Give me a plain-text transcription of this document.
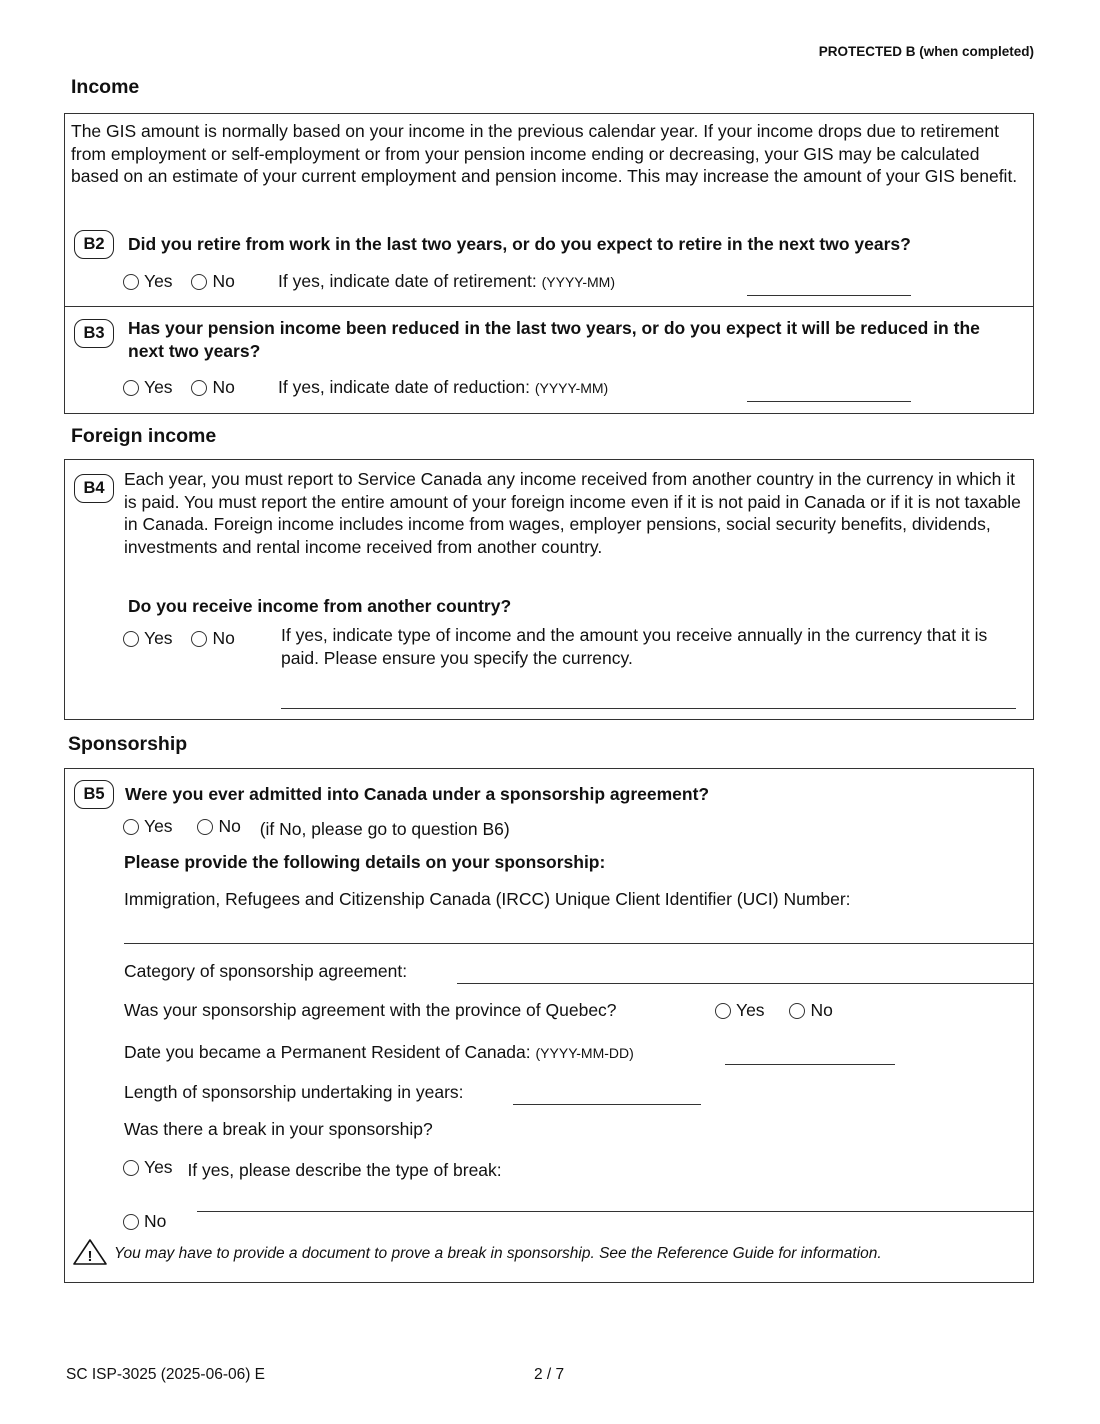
PROTECTED B (when completed)
Income
The GIS amount is normally based on your income in the previous calendar year. If your income drops due to retirement from employment or self-employment or from your pension income ending or decreasing, your GIS may be calculated based on an estimate of your current employment and pension income. This may increase the amount of your GIS benefit.
B2	Did you retire from work in the last two years, or do you expect to retire in the next two years?
Yes
No If yes, indicate date of retirement: (YYYY-MM)
B3	Has your pension income been reduced in the last two years, or do you expect it will be reduced in the next two years?
Yes
No If yes, indicate date of reduction: (YYYY-MM)
Foreign income
B4	Each year, you must report to Service Canada any income received from another country in the currency in which it is paid. You must report the entire amount of your foreign income even if it is not paid in Canada or if it is not taxable in Canada. Foreign income includes income from wages, employer pensions, social security benefits, dividends, investments and rental income received from another country.
Do you receive income from another country?
Yes
No	If yes, indicate type of income and the amount you receive annually in the currency that it is paid. Please ensure you specify the currency.
Sponsorship
B5	Were you ever admitted into Canada under a sponsorship agreement?
Yes
	No (if No, please go to question B6)
Please provide the following details on your sponsorship:
Immigration, Refugees and Citizenship Canada (IRCC) Unique Client Identifier (UCI) Number:
Category of sponsorship agreement:
Was your sponsorship agreement with the province of Quebec?	Yes
	No
Date you became a Permanent Resident of Canada: (YYYY-MM-DD)
Length of sponsorship undertaking in years:
Was there a break in your sponsorship?
Yes If yes, please describe the type of break:
No
! You may have to provide a document to prove a break in sponsorship. See the Reference Guide for information.
SC ISP-3025 (2025-06-06) E	2 / 7
